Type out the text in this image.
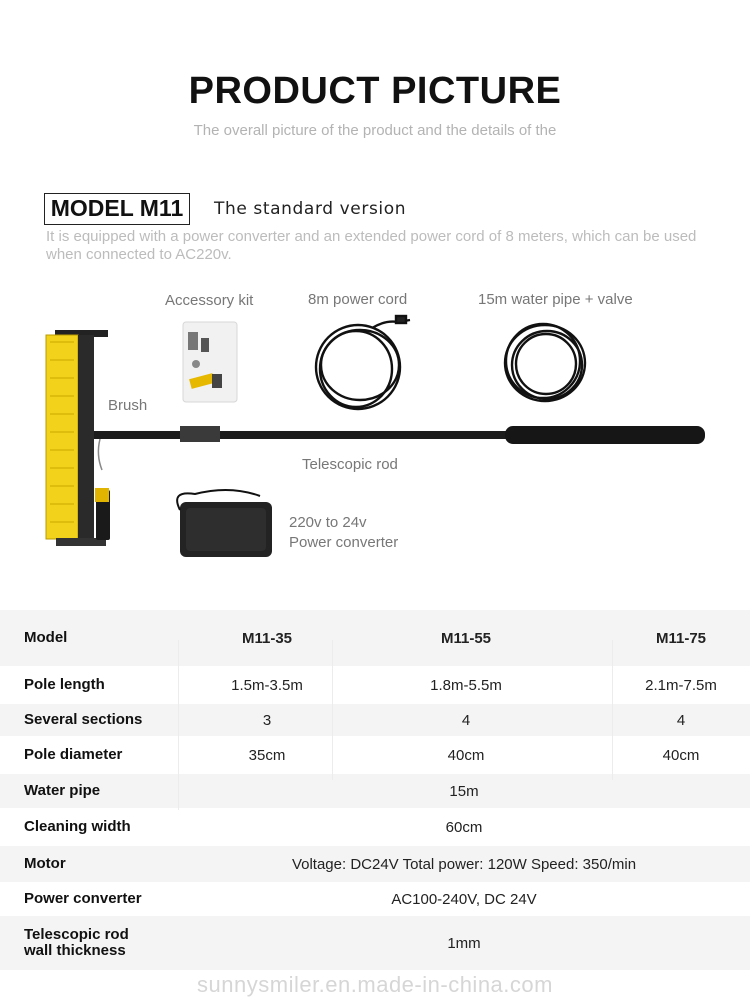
PRODUCT PICTURE
The overall picture of the product and the details of the
MODEL M11	The standard version
It is equipped with a power converter and an extended power cord of 8 meters, which can be used when connected to AC220v.
Accessory kit	8m power cord	15m water pipe + valve
Brush
Telescopic rod
220v to 24v
Power converter
Model	M11-35	M11-55	M11-75
Pole length	1.5m-3.5m	1.8m-5.5m	2.1m-7.5m
Several sections	3	4	4
Pole diameter	35cm	40cm	40cm
Water pipe	15m
Cleaning width	60cm
Motor	Voltage: DC24V Total power: 120W Speed: 350/min
Power converter	AC100-240V, DC 24V
Telescopic rod
wall thickness	1mm
sunnysmiler.en.made-in-china.com
